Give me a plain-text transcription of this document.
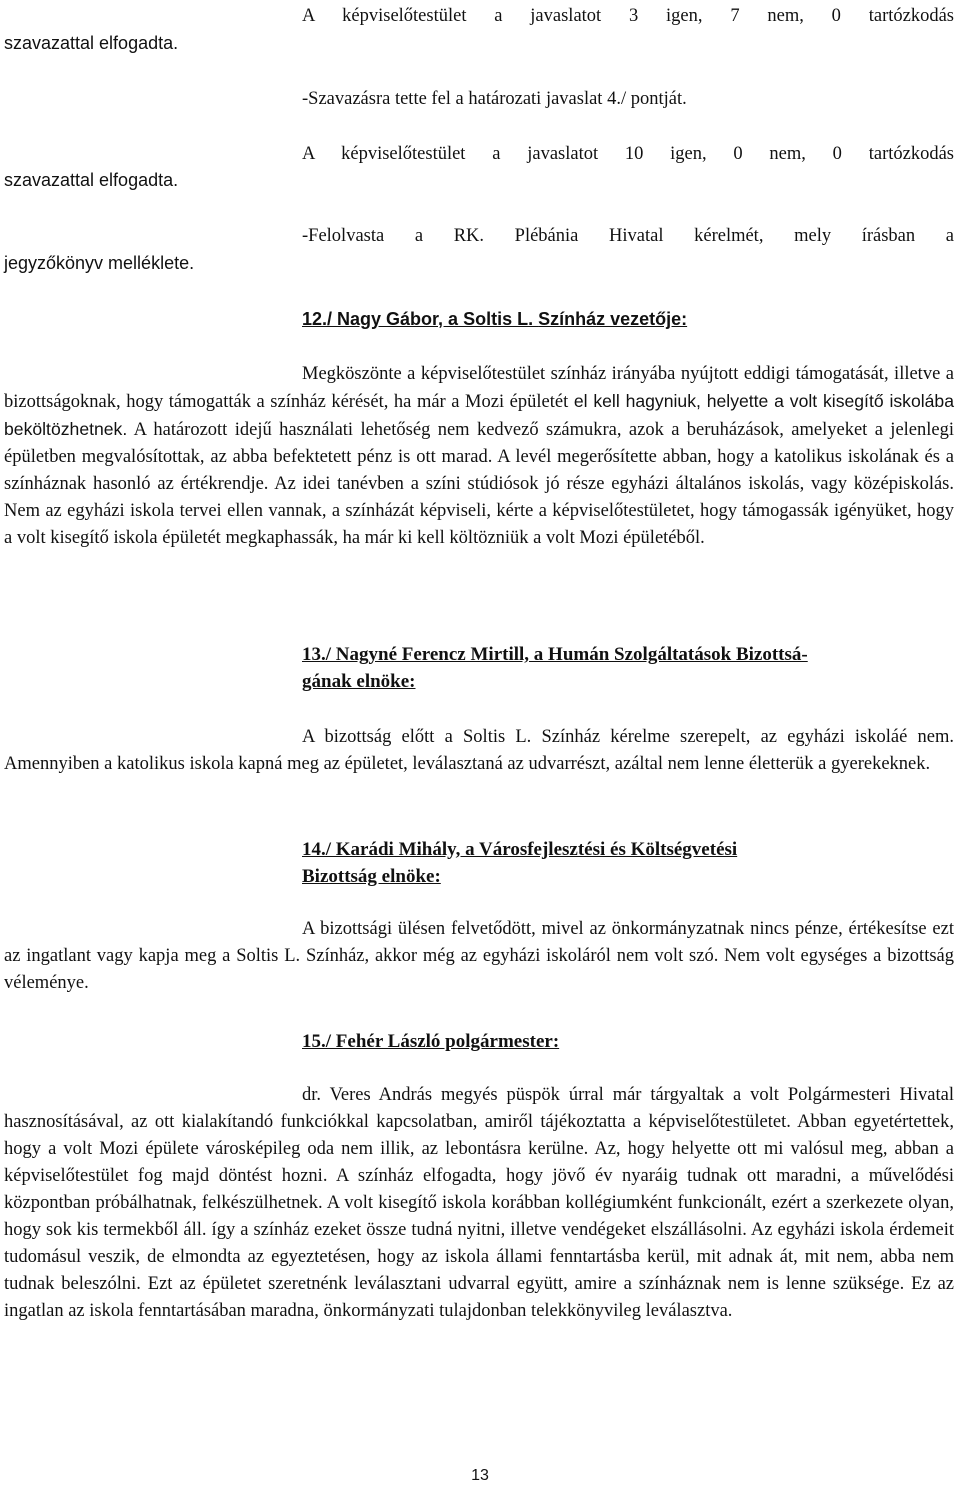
szavazattal elfogadta.
szavazattal elfogadta.
jegyzőkönyv melléklete.
A képviselőtestület a javaslatot 3 igen, 7 nem, 0 tartózkodás
-Szavazásra tette fel a határozati javaslat 4./ pontját.
A képviselőtestület a javaslatot 10 igen, 0 nem, 0 tartózkodás
-Felolvasta a RK. Plébánia Hivatal kérelmét, mely írásban a
12./ Nagy Gábor, a Soltis L. Színház vezetője:
Megköszönte a képviselőtestület színház irányába nyújtott eddigi támogatását, illetve a bizottságoknak, hogy támogatták a színház kérését, ha már a Mozi épületét el kell hagyniuk, helyette a volt kisegítő iskolába beköltözhetnek. A határozott idejű használati lehetőség nem kedvező számukra, azok a beruházások, amelyeket a jelenlegi épületben megvalósítottak, az abba befektetett pénz is ott marad. A levél megerősítette abban, hogy a katolikus iskolának és a színháznak hasonló az értékrendje. Az idei tanévben a színi stúdiósok jó része egyházi általános iskolás, vagy középiskolás. Nem az egyházi iskola tervei ellen vannak, a színházát képviseli, kérte a képviselőtestületet, hogy támogassák igényüket, hogy a volt kisegítő iskola épületét megkaphassák, ha már ki kell költözniük a volt Mozi épületéből.
13./ Nagyné Ferencz Mirtill, a Humán Szolgáltatások Bizottsá-
gának elnöke:
A bizottság előtt a Soltis L. Színház kérelme szerepelt, az egyházi iskoláé nem. Amennyiben a katolikus iskola kapná meg az épületet, leválasztaná az udvarrészt, azáltal nem lenne életterük a gyerekeknek.
14./ Karádi Mihály, a Városfejlesztési és Költségvetési
Bizottság elnöke:
A bizottsági ülésen felvetődött, mivel az önkormányzatnak nincs pénze, értékesítse ezt az ingatlant vagy kapja meg a Soltis L. Színház, akkor még az egyházi iskoláról nem volt szó. Nem volt egységes a bizottság véleménye.
15./ Fehér László polgármester:
dr. Veres András megyés püspök úrral már tárgyaltak a volt Polgármesteri Hivatal hasznosításával, az ott kialakítandó funkciókkal kapcsolatban, amiről tájékoztatta a képviselőtestületet. Abban egyetértettek, hogy a volt Mozi épülete városképileg oda nem illik, az lebontásra kerülne. Az, hogy helyette ott mi valósul meg, abban a képviselőtestület fog majd döntést hozni. A színház elfogadta, hogy jövő év nyaráig tudnak ott maradni, a művelődési központban próbálhatnak, felkészülhetnek. A volt kisegítő iskola korábban kollégiumként funkcionált, ezért a szerkezete olyan, hogy sok kis termekből áll. így a színház ezeket össze tudná nyitni, illetve vendégeket elszállásolni. Az egyházi iskola érdemeit tudomásul veszik, de elmondta az egyeztetésen, hogy az iskola állami fenntartásba kerül, mit adnak át, mit nem, abba nem tudnak beleszólni. Ezt az épületet szeretnénk leválasztani udvarral együtt, amire a színháznak nem is lenne szüksége. Ez az ingatlan az iskola fenntartásában maradna, önkormányzati tulajdonban telekkönyvileg leválasztva.
13
